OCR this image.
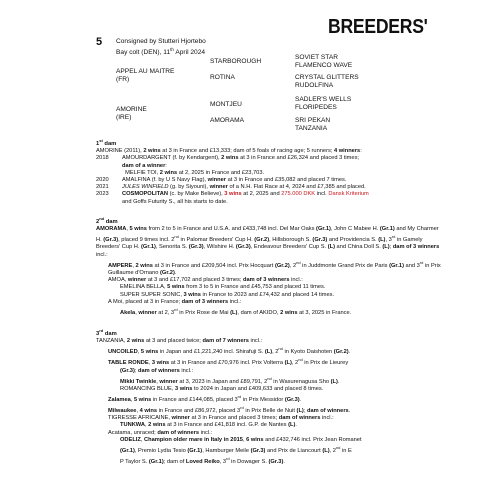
BREEDERS'
5 Consigned by Stutteri Hjortebo
Bay colt (DEN), 11th April 2024
APPEL AU MAITRE
(FR)
STARBOROUGH
ROTINA
SOVIET STAR
FLAMENCO WAVE
CRYSTAL GLITTERS
RUDOLFINA
AMORINE
(IRE)
MONTJEU
AMORAMA
SADLER'S WELLS
FLORIPEDES
SRI PEKAN
TANZANIA

1st dam

AMORINE (2011), 2 wins at 3 in France and £13,333; dam of 5 foals of racing age; 5 runners; 4 winners:

2018 AMOURDARGENT (f. by Kendargent), 2 wins at 3 in France and £26,324 and placed 3 times;

dam of a winner:

MELFIE TOI, 2 wins at 2, 2025 in France and £23,703.

2020 AMALFINA (f. by U S Navy Flag), winner at 3 in France and £35,082 and placed 7 times.

2021 JULES WINFIELD (g. by Siyouni), winner of a N.H. Flat Race at 4, 2024 and £7,385 and placed.

2023 COSMOPOLITAN (c. by Make Believe), 3 wins at 2, 2025 and 275.000 DKK incl. Dansk Kriterium

and Goffs Futurity S., all his starts to date.

2nd dam

AMORAMA, 5 wins from 2 to 5 in France and U.S.A. and £433,748 incl. Del Mar Oaks (Gr.1), John C Mabee H. (Gr.1) and My Charmer H. (Gr.3), placed 9 times incl. 2nd in Palomar Breeders' Cup H. (Gr.2), Hillsborough S. (Gr.3) and Providencia S. (L), 3rd in Gamely Breeders' Cup H. (Gr.1), Senorita S. (Gr.3), Wilshire H. (Gr.3), Endeavour Breeders' Cup S. (L) and China Doll S. (L); dam of 3 winners incl.:

AMPERE, 2 wins at 3 in France and £209,504 incl. Prix Hocquart (Gr.2), 2nd in Juddmonte Grand Prix de Paris (Gr.1) and 3rd in Prix Guillaume d'Ornano (Gr.2).

AMOA, winner at 3 and £17,702 and placed 3 times; dam of 3 winners incl.:

EMELINA BELLA, 5 wins from 3 to 5 in France and £45,753 and placed 11 times.

SUPER SUPER SONIC, 3 wins in France to 2023 and £74,432 and placed 14 times.

A Moi, placed at 3 in France; dam of 3 winners incl.:

Akela, winner at 2, 3rd in Prix Rose de Mai (L), dam of AKIDO, 2 wins at 3, 2025 in France.

3rd dam

TANZANIA, 2 wins at 3 and placed twice; dam of 7 winners incl.:

UNCOILED, 5 wins in Japan and £1,221,240 incl. Shirafuji S. (L), 2nd in Kyoto Daishoten (Gr.2).

TABLE RONDE, 3 wins at 3 in France and £70,976 incl. Prix Volterra (L), 2nd in Prix de Lieurey

(Gr.3); dam of winners incl.:

Mikki Twinkle, winner at 3, 2023 in Japan and £89,791, 2nd in Wasurenagusa Sho (L).

ROMANCING BLUE, 3 wins to 2024 in Japan and £409,633 and placed 8 times.

Zalamea, 5 wins in France and £144,085, placed 3rd in Prix Messidor (Gr.3).

Milwaukee, 4 wins in France and £86,972, placed 3rd in Prix Belle de Nuit (L); dam of winners.

TIGRESSE AFRICAINE, winner at 3 in France and placed 3 times; dam of winners incl.:

TUNKWA, 2 wins at 3 in France and £41,818 incl. G.P. de Nantes (L).

Acatama, unraced; dam of winners incl.:

ODELIZ, Champion older mare in Italy in 2015, 6 wins and £432,746 incl. Prix Jean Romanet

(Gr.1), Premio Lydia Tesio (Gr.1), Hamburger Meile (Gr.3) and Prix de Liancourt (L), 2nd in E

P Taylor S. (Gr.1); dam of Loved Reiko, 3rd in Dowager S. (Gr.3).
